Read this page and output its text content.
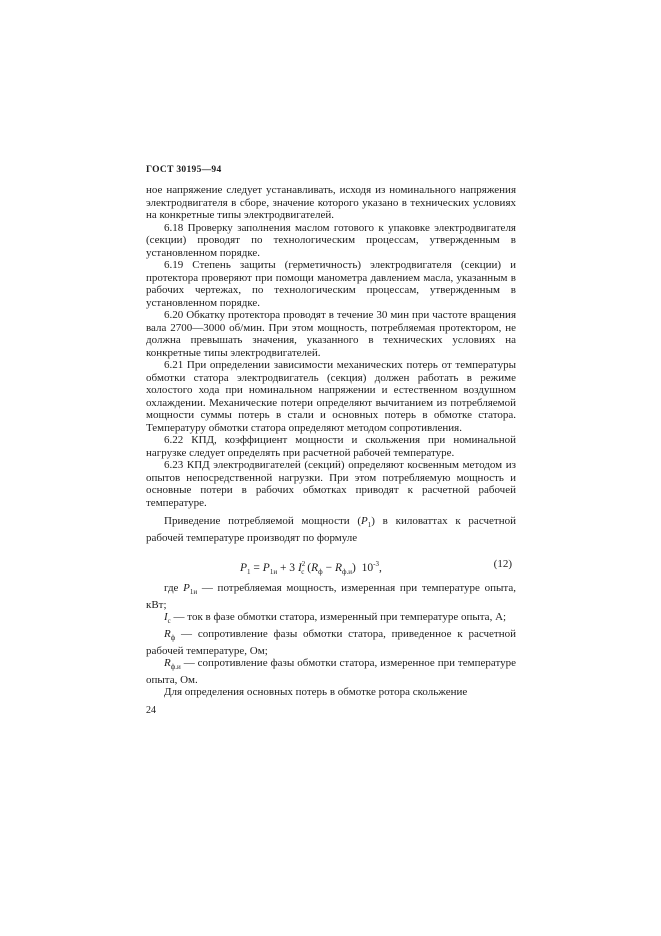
ГОСТ 30195—94

ное напряжение следует устанавливать, исходя из номинального напряжения электродвигателя в сборе, значение которого указано в технических условиях на конкретные типы электродвигателей.

6.18 Проверку заполнения маслом готового к упаковке электродвигателя (секции) проводят по технологическим процессам, утвержденным в установленном порядке.

6.19 Степень защиты (герметичность) электродвигателя (секции) и протектора проверяют при помощи манометра давлением масла, указанным в рабочих чертежах, по технологическим процессам, утвержденным в установленном порядке.

6.20 Обкатку протектора проводят в течение 30 мин при частоте вращения вала 2700—3000 об/мин. При этом мощность, потребляемая протектором, не должна превышать значения, указанного в технических условиях на конкретные типы электродвигателей.

6.21 При определении зависимости механических потерь от температуры обмотки статора электродвигатель (секция) должен работать в режиме холостого хода при номинальном напряжении и естественном воздушном охлаждении. Механические потери определяют вычитанием из потребляемой мощности суммы потерь в стали и основных потерь в обмотке статора. Температуру обмотки статора определяют методом сопротивления.

6.22 КПД, коэффициент мощности и скольжения при номинальной нагрузке следует определять при расчетной рабочей температуре.

6.23 КПД электродвигателей (секций) определяют косвенным методом из опытов непосредственной нагрузки. При этом потребляемую мощность и основные потери в рабочих обмотках приводят к расчетной рабочей температуре.

Приведение потребляемой мощности $(P_1)$ в киловаттах к расчетной рабочей температуре производят по формуле

$P_1 = P_{1и} + 3$ $I^2_c$ $(R_ф - R_{ф.и})$  $10^{-3}$,	(12)

где $P_{1и}$ — потребляемая мощность, измеренная при температуре опыта, кВт;

$I_c$ — ток в фазе обмотки статора, измеренный при температуре опыта, А;

$R_ф$ — сопротивление фазы обмотки статора, приведенное к расчетной рабочей температуре, Ом;

$R_{ф.и}$ — сопротивление фазы обмотки статора, измеренное при температуре опыта, Ом.

Для определения основных потерь в обмотке ротора скольжение

24
